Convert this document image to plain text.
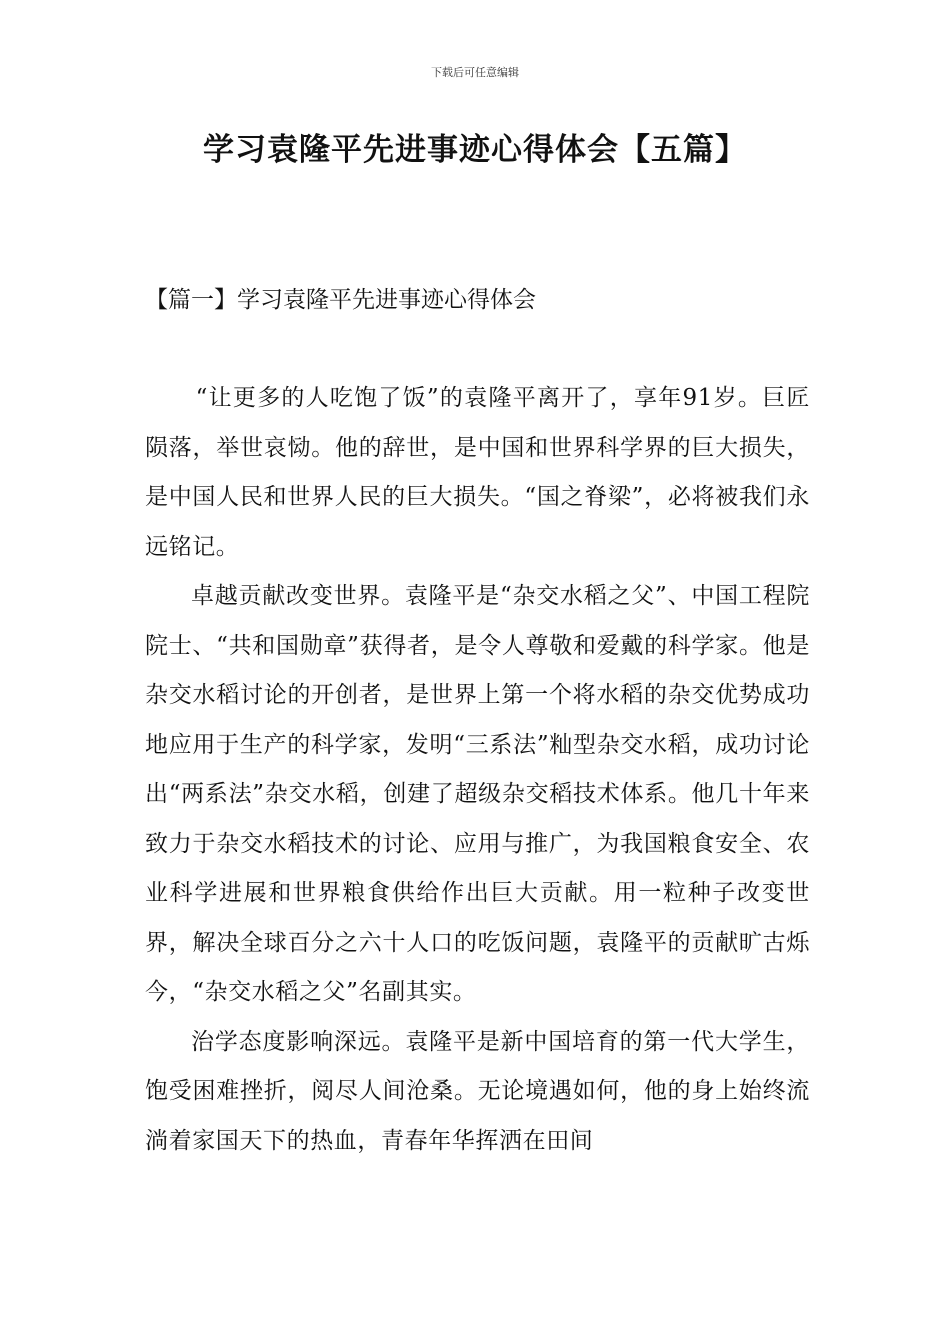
下载后可任意编辑
学习袁隆平先进事迹心得体会【五篇】
【篇一】学习袁隆平先进事迹心得体会

“让更多的人吃饱了饭”的袁隆平离开了，享年91岁。巨匠陨落，举世哀恸。他的辞世，是中国和世界科学界的巨大损失，是中国人民和世界人民的巨大损失。“国之脊梁”，必将被我们永远铭记。

卓越贡献改变世界。袁隆平是“杂交水稻之父”、中国工程院院士、“共和国勋章”获得者，是令人尊敬和爱戴的科学家。他是杂交水稻讨论的开创者，是世界上第一个将水稻的杂交优势成功地应用于生产的科学家，发明“三系法”籼型杂交水稻，成功讨论出“两系法”杂交水稻，创建了超级杂交稻技术体系。他几十年来致力于杂交水稻技术的讨论、应用与推广，为我国粮食安全、农业科学进展和世界粮食供给作出巨大贡献。用一粒种子改变世界，解决全球百分之六十人口的吃饭问题，袁隆平的贡献旷古烁今，“杂交水稻之父”名副其实。

治学态度影响深远。袁隆平是新中国培育的第一代大学生，饱受困难挫折，阅尽人间沧桑。无论境遇如何，他的身上始终流淌着家国天下的热血，青春年华挥洒在田间
